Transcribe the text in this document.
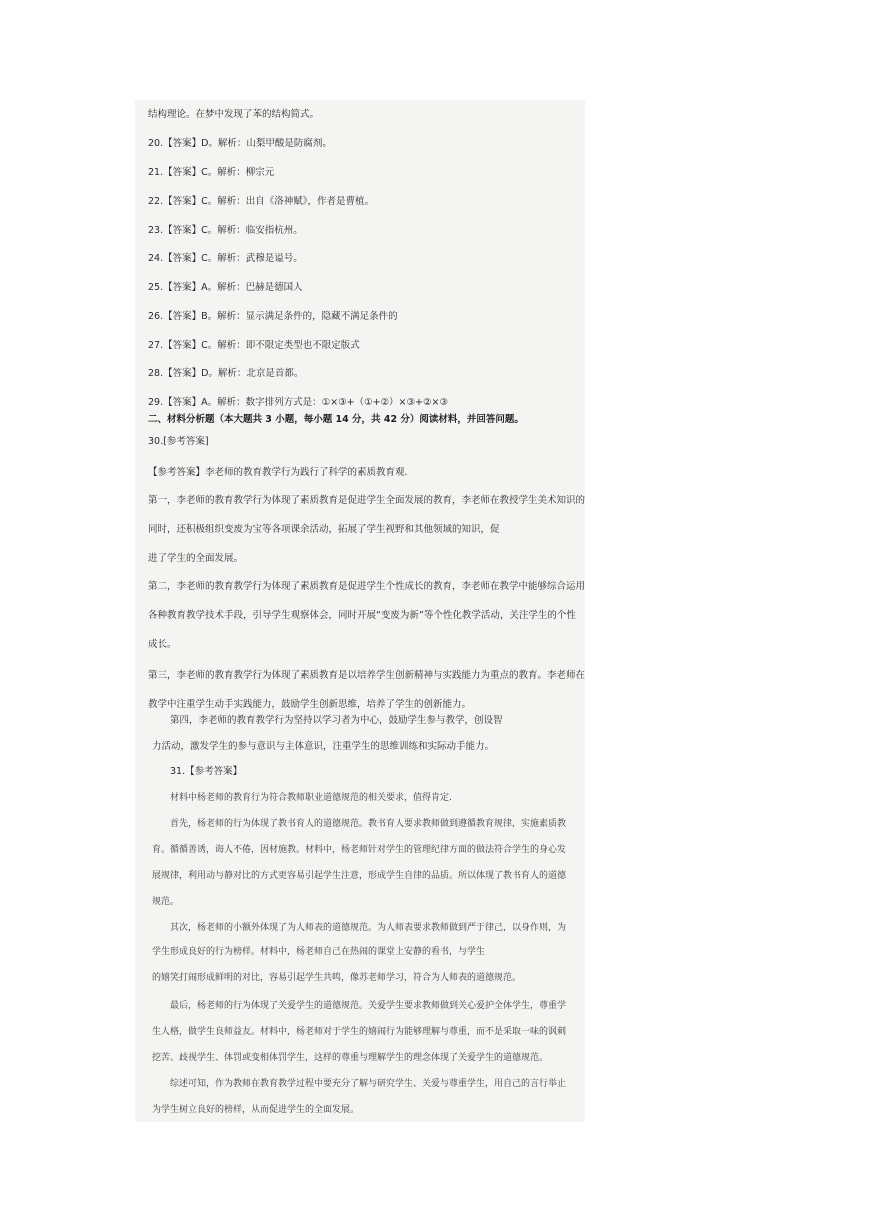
结构理论。在梦中发现了苯的结构简式。
20.【答案】D。解析：山梨甲酸是防腐剂。
21.【答案】C。解析：柳宗元
22.【答案】C。解析：出自《洛神赋》，作者是曹植。
23.【答案】C。解析：临安指杭州。
24.【答案】C。解析：武穆是谥号。
25.【答案】A。解析：巴赫是德国人
26.【答案】B。解析：显示满足条件的，隐藏不满足条件的
27.【答案】C。解析：即不限定类型也不限定版式
28.【答案】D。解析：北京是首都。
29.【答案】A。解析：数字排列方式是：①×③+（①+②）×③+②×③
二、材料分析题（本大题共 3 小题，每小题 14 分，共 42 分）阅读材料，并回答问题。
30.[参考答案]
【参考答案】李老师的教育教学行为践行了科学的素质教育观.
第一，李老师的教育教学行为体现了素质教育是促进学生全面发展的教育，李老师在教授学生美术知识的
同时，还积极组织变废为宝等各项课余活动，拓展了学生视野和其他领域的知识，促
进了学生的全面发展。
第二，李老师的教育教学行为体现了素质教育是促进学生个性成长的教育，李老师在教学中能够综合运用
各种教育教学技术手段，引导学生观察体会，同时开展“变废为新”等个性化教学活动，关注学生的个性
成长。
第三，李老师的教育教学行为体现了素质教育是以培养学生创新精神与实践能力为重点的教育。李老师在
教学中注重学生动手实践能力，鼓励学生创新思维，培养了学生的创新能力。
第四，李老师的教育教学行为坚持以学习者为中心，鼓励学生参与教学，创设智
力活动，激发学生的参与意识与主体意识，注重学生的思维训练和实际动手能力。
31.【参考答案】
材料中杨老师的教育行为符合教师职业道德规范的相关要求，值得肯定.
首先，杨老师的行为体现了教书育人的道德规范。教书育人要求教师做到遵循教育规律，实施素质教
育。循循善诱，诲人不倦，因材施教。材料中，杨老师针对学生的管理纪律方面的做法符合学生的身心发
展规律，利用动与静对比的方式更容易引起学生注意，形成学生自律的品质。所以体现了教书育人的道德
规范。
其次，杨老师的小额外体现了为人师表的道德规范。为人师表要求教师做到严于律己，以身作则，为
学生形成良好的行为榜样。材料中，杨老师自己在热闹的课堂上安静的看书，与学生
的嬉笑打闹形成鲜明的对比，容易引起学生共鸣，像苏老师学习，符合为人师表的道德规范。
最后，杨老师的行为体现了关爱学生的道德规范。关爱学生要求教师做到关心爱护全体学生，尊重学
生人格，做学生良师益友。材料中，杨老师对于学生的嬉闹行为能够理解与尊重，而不是采取一味的讽刺
挖苦、歧视学生、体罚或变相体罚学生，这样的尊重与理解学生的理念体现了关爱学生的道德规范。
综述可知，作为教师在教育教学过程中要充分了解与研究学生、关爱与尊重学生，用自己的言行举止
为学生树立良好的榜样，从而促进学生的全面发展。
